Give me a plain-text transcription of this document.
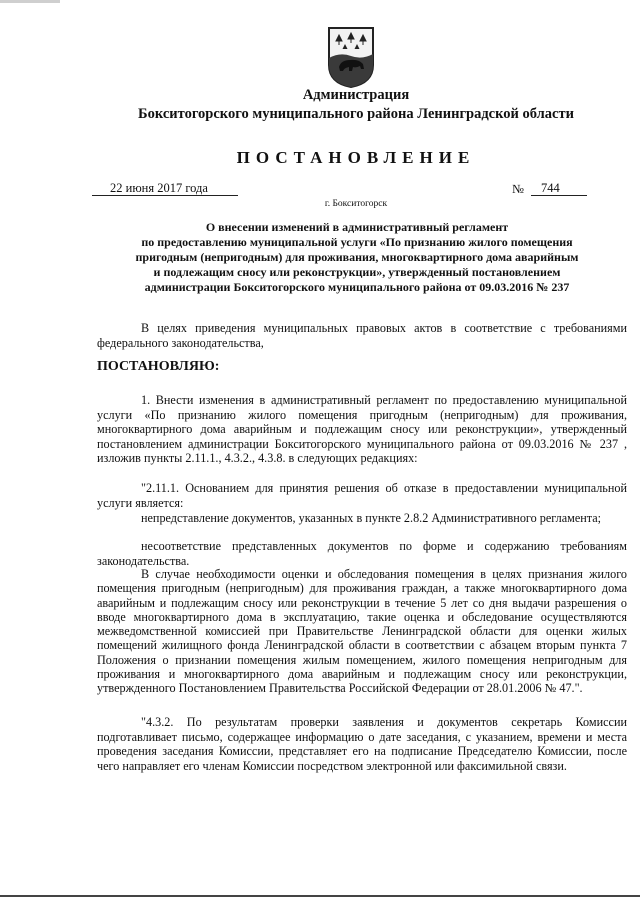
Администрация
Бокситогорского муниципального района Ленинградской области
ПОСТАНОВЛЕНИЕ
22 июня 2017 года	№ 744
г. Бокситогорск
О внесении изменений в административный регламент
по предоставлению муниципальной услуги «По признанию жилого помещения
пригодным (непригодным) для проживания, многоквартирного дома аварийным
и подлежащим сносу или реконструкции», утвержденный постановлением
администрации Бокситогорского муниципального района от 09.03.2016 № 237
В целях приведения муниципальных правовых актов в соответствие с требованиями федерального законодательства,
ПОСТАНОВЛЯЮ:
1. Внести изменения в административный регламент по предоставлению муниципальной услуги «По признанию жилого помещения пригодным (непригодным) для проживания, многоквартирного дома аварийным и подлежащим сносу или реконструкции», утвержденный постановлением администрации Бокситогорского муниципального района от 09.03.2016 № 237 , изложив пункты 2.11.1., 4.3.2., 4.3.8. в следующих редакциях:
"2.11.1. Основанием для принятия решения об отказе в предоставлении муниципальной услуги является:
непредставление документов, указанных в пункте 2.8.2 Административного регламента;
несоответствие представленных документов по форме и содержанию требованиям законодательства.
В случае необходимости оценки и обследования помещения в целях признания жилого помещения пригодным (непригодным) для проживания граждан, а также многоквартирного дома аварийным и подлежащим сносу или реконструкции в течение 5 лет со дня выдачи разрешения о вводе многоквартирного дома в эксплуатацию, такие оценка и обследование осуществляются межведомственной комиссией при Правительстве Ленинградской области для оценки жилых помещений жилищного фонда Ленинградской области в соответствии с абзацем вторым пункта 7 Положения о признании помещения жилым помещением, жилого помещения непригодным для проживания и многоквартирного дома аварийным и подлежащим сносу или реконструкции, утвержденного Постановлением Правительства Российской Федерации от 28.01.2006 № 47.".
"4.3.2. По результатам проверки заявления и документов секретарь Комиссии подготавливает письмо, содержащее информацию о дате заседания, с указанием, времени и места проведения заседания Комиссии, представляет его на подписание Председателю Комиссии, после чего направляет его членам Комиссии посредством электронной или факсимильной связи.
